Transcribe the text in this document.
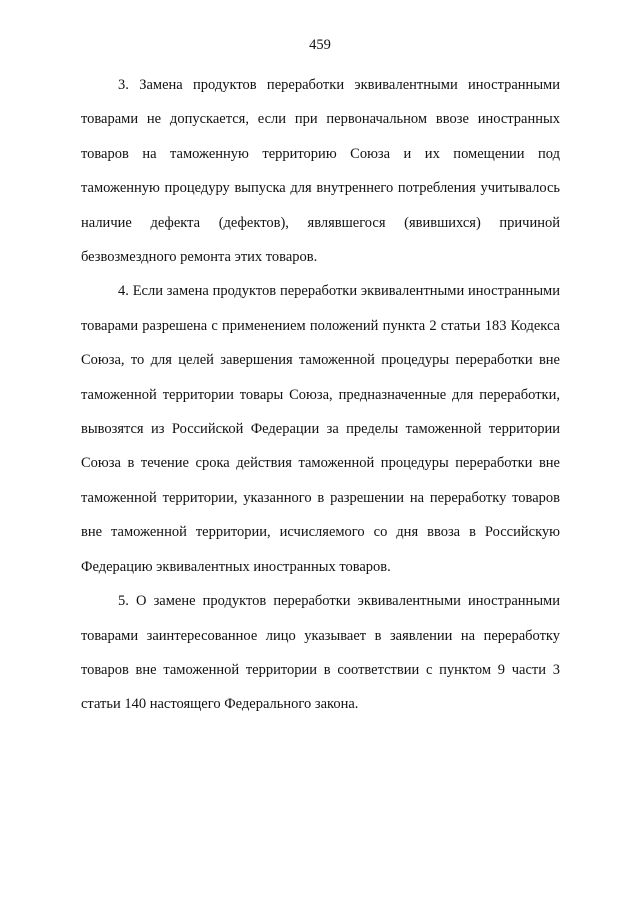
459

3. Замена продуктов переработки эквивалентными иностранными товарами не допускается, если при первоначальном ввозе иностранных товаров на таможенную территорию Союза и их помещении под таможенную процедуру выпуска для внутреннего потребления учитывалось наличие дефекта (дефектов), являвшегося (явившихся) причиной безвозмездного ремонта этих товаров.

4. Если замена продуктов переработки эквивалентными иностранными товарами разрешена с применением положений пункта 2 статьи 183 Кодекса Союза, то для целей завершения таможенной процедуры переработки вне таможенной территории товары Союза, предназначенные для переработки, вывозятся из Российской Федерации за пределы таможенной территории Союза в течение срока действия таможенной процедуры переработки вне таможенной территории, указанного в разрешении на переработку товаров вне таможенной территории, исчисляемого со дня ввоза в Российскую Федерацию эквивалентных иностранных товаров.

5. О замене продуктов переработки эквивалентными иностранными товарами заинтересованное лицо указывает в заявлении на переработку товаров вне таможенной территории в соответствии с пунктом 9 части 3 статьи 140 настоящего Федерального закона.
